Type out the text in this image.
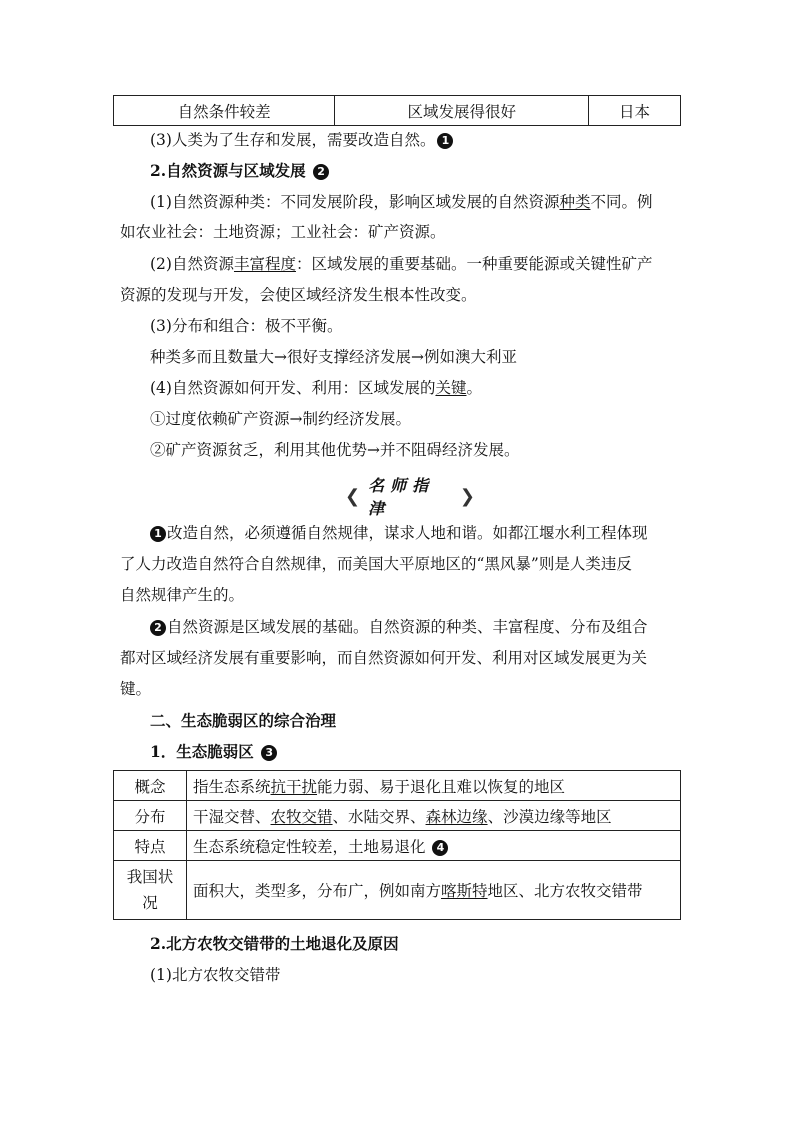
自然条件较差	区域发展得很好	日本
(3)人类为了生存和发展，需要改造自然。 1
2.自然资源与区域发展 2
(1)自然资源种类：不同发展阶段，影响区域发展的自然资源种类不同。例
如农业社会：土地资源；工业社会：矿产资源。
(2)自然资源丰富程度：区域发展的重要基础。一种重要能源或关键性矿产
资源的发现与开发，会使区域经济发生根本性改变。
(3)分布和组合：极不平衡。
种类多而且数量大→很好支撑经济发展→例如澳大利亚
(4)自然资源如何开发、利用：区域发展的关键。
①过度依赖矿产资源→制约经济发展。
②矿产资源贫乏，利用其他优势→并不阻碍经济发展。
❮ 名师指津
❯
1 改造自然，必须遵循自然规律，谋求人地和谐。如都江堰水利工程体现
了人力改造自然符合自然规律，而美国大平原地区的“黑风暴”则是人类违反
自然规律产生的。
2 自然资源是区域发展的基础。自然资源的种类、丰富程度、分布及组合
都对区域经济发展有重要影响，而自然资源如何开发、利用对区域发展更为关
键。
二、生态脆弱区的综合治理
1．生态脆弱区 3
概念	指生态系统抗干扰能力弱、易于退化且难以恢复的地区
分布	干湿交替、农牧交错、水陆交界、森林边缘、沙漠边缘等地区
特点	生态系统稳定性较差，土地易退化 4
我国状
况	面积大，类型多，分布广，例如南方喀斯特地区、北方农牧交错带
2.北方农牧交错带的土地退化及原因
(1)北方农牧交错带
